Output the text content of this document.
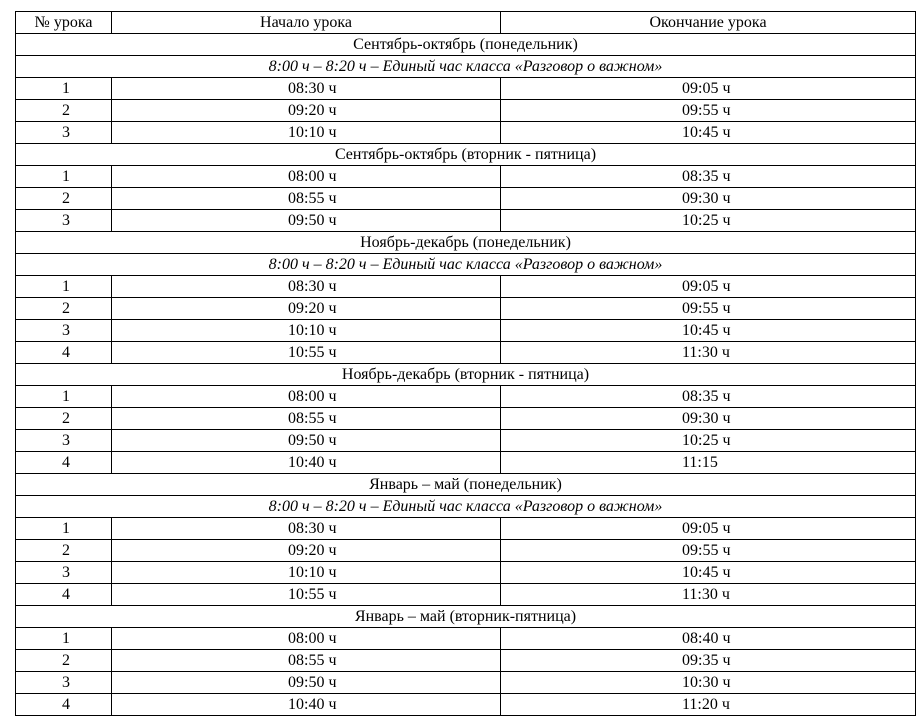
№ урока	Начало урока	Окончание урока
Сентябрь-октябрь (понедельник)		
8:00 ч – 8:20 ч – Единый час класса «Разговор о важном»		
1	08:30 ч	09:05 ч
2	09:20 ч	09:55 ч
3	10:10 ч	10:45 ч
Сентябрь-октябрь (вторник - пятница)		
1	08:00 ч	08:35 ч
2	08:55 ч	09:30 ч
3	09:50 ч	10:25 ч
Ноябрь-декабрь (понедельник)		
8:00 ч – 8:20 ч – Единый час класса «Разговор о важном»		
1	08:30 ч	09:05 ч
2	09:20 ч	09:55 ч
3	10:10 ч	10:45 ч
4	10:55 ч	11:30 ч
Ноябрь-декабрь (вторник - пятница)		
1	08:00 ч	08:35 ч
2	08:55 ч	09:30 ч
3	09:50 ч	10:25 ч
4	10:40 ч	11:15
Январь – май (понедельник)		
8:00 ч – 8:20 ч – Единый час класса «Разговор о важном»		
1	08:30 ч	09:05 ч
2	09:20 ч	09:55 ч
3	10:10 ч	10:45 ч
4	10:55 ч	11:30 ч
Январь – май (вторник-пятница)		
1	08:00 ч	08:40 ч
2	08:55 ч	09:35 ч
3	09:50 ч	10:30 ч
4	10:40 ч	11:20 ч
